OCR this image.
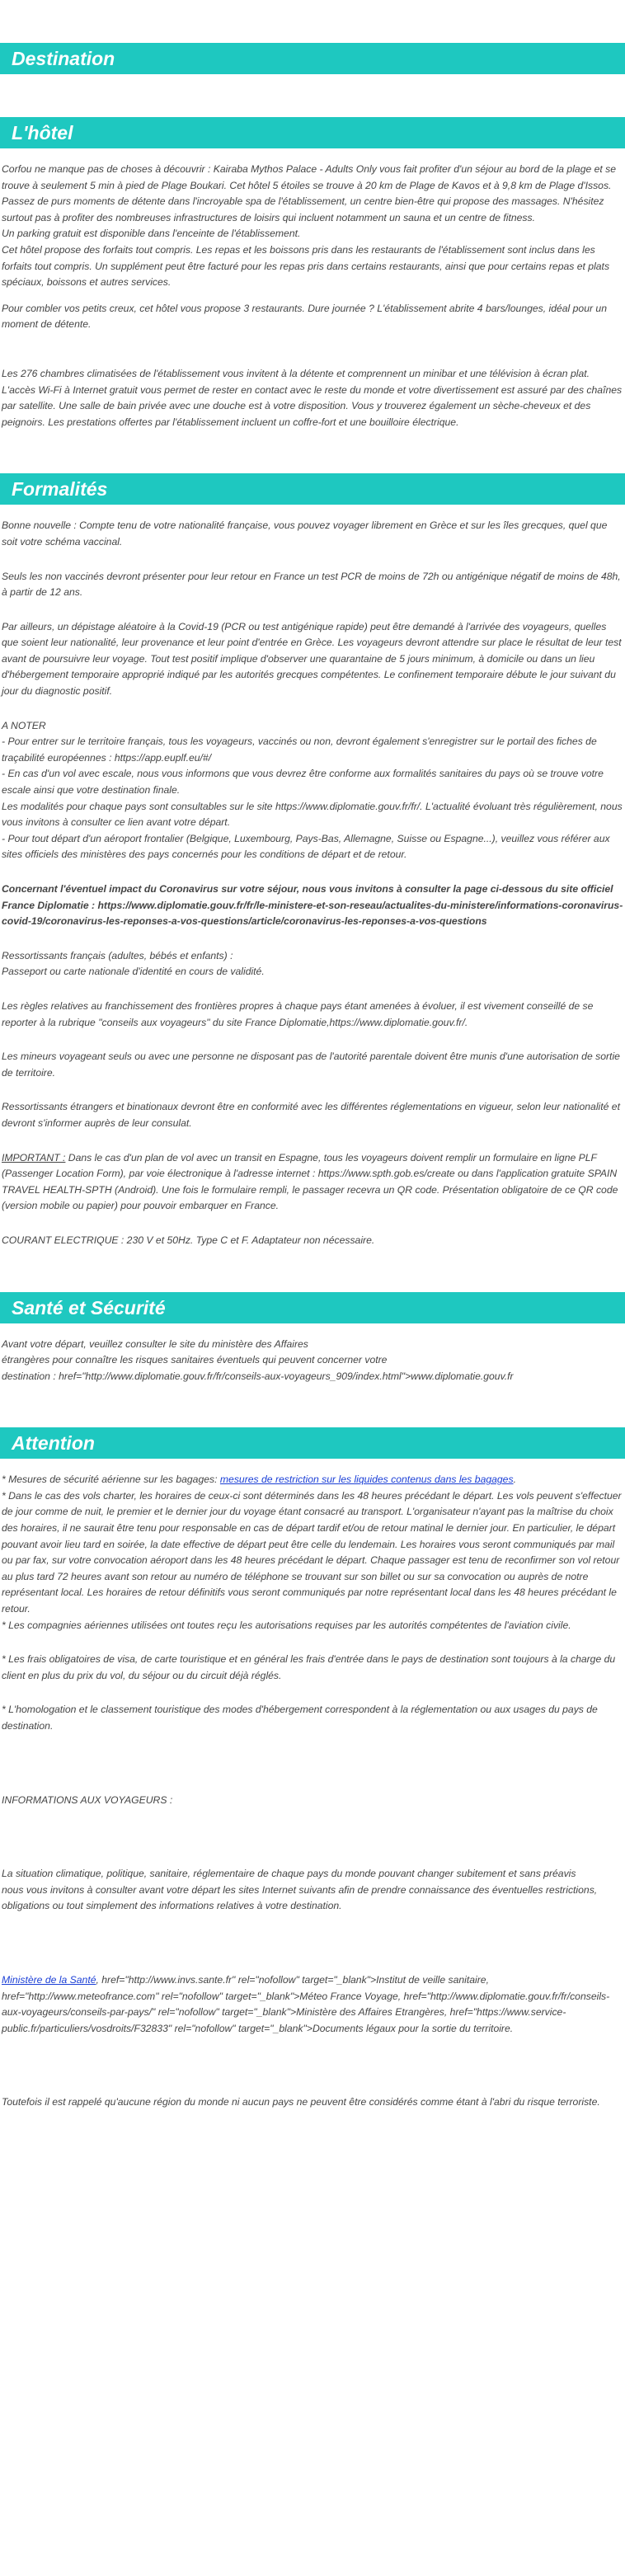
Destination
L'hôtel

Corfou ne manque pas de choses à découvrir : Kairaba Mythos Palace - Adults Only vous fait profiter d'un séjour au bord de la plage et se trouve à seulement 5 min à pied de Plage Boukari. Cet hôtel 5 étoiles se trouve à 20 km de Plage de Kavos et à 9,8 km de Plage d'Issos.

Passez de purs moments de détente dans l'incroyable spa de l'établissement, un centre bien-être qui propose des massages. N'hésitez surtout pas à profiter des nombreuses infrastructures de loisirs qui incluent notamment un sauna et un centre de fitness.

Un parking gratuit est disponible dans l'enceinte de l'établissement.

Cet hôtel propose des forfaits tout compris. Les repas et les boissons pris dans les restaurants de l'établissement sont inclus dans les forfaits tout compris. Un supplément peut être facturé pour les repas pris dans certains restaurants, ainsi que pour certains repas et plats spéciaux, boissons et autres services.

Pour combler vos petits creux, cet hôtel vous propose 3 restaurants. Dure journée ? L'établissement abrite 4 bars/lounges, idéal pour un moment de détente.

Les 276 chambres climatisées de l'établissement vous invitent à la détente et comprennent un minibar et une télévision à écran plat. L'accès Wi-Fi à Internet gratuit vous permet de rester en contact avec le reste du monde et votre divertissement est assuré par des chaînes par satellite. Une salle de bain privée avec une douche est à votre disposition. Vous y trouverez également un sèche-cheveux et des peignoirs. Les prestations offertes par l'établissement incluent un coffre-fort et une bouilloire électrique.

Formalités

Bonne nouvelle : Compte tenu de votre nationalité française, vous pouvez voyager librement en Grèce et sur les îles grecques, quel que soit votre schéma vaccinal.

Seuls les non vaccinés devront présenter pour leur retour en France un test PCR de moins de 72h ou antigénique négatif de moins de 48h, à partir de 12 ans.

Par ailleurs, un dépistage aléatoire à la Covid-19 (PCR ou test antigénique rapide) peut être demandé à l'arrivée des voyageurs, quelles que soient leur nationalité, leur provenance et leur point d'entrée en Grèce. Les voyageurs devront attendre sur place le résultat de leur test avant de poursuivre leur voyage. Tout test positif implique d'observer une quarantaine de 5 jours minimum, à domicile ou dans un lieu d'hébergement temporaire approprié indiqué par les autorités grecques compétentes. Le confinement temporaire débute le jour suivant du jour du diagnostic positif.

A NOTER

- Pour entrer sur le territoire français, tous les voyageurs, vaccinés ou non, devront également s'enregistrer sur le portail des fiches de traçabilité européennes : https://app.euplf.eu/#/

- En cas d'un vol avec escale, nous vous informons que vous devrez être conforme aux formalités sanitaires du pays où se trouve votre escale ainsi que votre destination finale.

Les modalités pour chaque pays sont consultables sur le site https://www.diplomatie.gouv.fr/fr/. L'actualité évoluant très régulièrement, nous vous invitons à consulter ce lien avant votre départ.

- Pour tout départ d'un aéroport frontalier (Belgique, Luxembourg, Pays-Bas, Allemagne, Suisse ou Espagne...), veuillez vous référer aux sites officiels des ministères des pays concernés pour les conditions de départ et de retour.

Concernant l'éventuel impact du Coronavirus sur votre séjour, nous vous invitons à consulter la page ci-dessous du site officiel France Diplomatie : https://www.diplomatie.gouv.fr/fr/le-ministere-et-son-reseau/actualites-du-ministere/informations-coronavirus-covid-19/coronavirus-les-reponses-a-vos-questions/article/coronavirus-les-reponses-a-vos-questions

Ressortissants français (adultes, bébés et enfants) :

Passeport ou carte nationale d'identité en cours de validité.

Les règles relatives au franchissement des frontières propres à chaque pays étant amenées à évoluer, il est vivement conseillé de se reporter à la rubrique "conseils aux voyageurs" du site France Diplomatie,https://www.diplomatie.gouv.fr/.

Les mineurs voyageant seuls ou avec une personne ne disposant pas de l'autorité parentale doivent être munis d'une autorisation de sortie de territoire.

Ressortissants étrangers et binationaux devront être en conformité avec les différentes réglementations en vigueur, selon leur nationalité et devront s'informer auprès de leur consulat.

IMPORTANT : Dans le cas d'un plan de vol avec un transit en Espagne, tous les voyageurs doivent remplir un formulaire en ligne PLF (Passenger Location Form), par voie électronique à l'adresse internet : https://www.spth.gob.es/create ou dans l'application gratuite SPAIN TRAVEL HEALTH-SPTH (Android). Une fois le formulaire rempli, le passager recevra un QR code. Présentation obligatoire de ce QR code (version mobile ou papier) pour pouvoir embarquer en France.

COURANT ELECTRIQUE : 230 V et 50Hz. Type C et F. Adaptateur non nécessaire.

Santé et Sécurité

Avant votre départ, veuillez consulter le site du ministère des Affaires

étrangères pour connaître les risques sanitaires éventuels qui peuvent concerner votre

destination : href="http://www.diplomatie.gouv.fr/fr/conseils-aux-voyageurs_909/index.html">www.diplomatie.gouv.fr

Attention

* Mesures de sécurité aérienne sur les bagages: mesures de restriction sur les liquides contenus dans les bagages.

* Dans le cas des vols charter, les horaires de ceux-ci sont déterminés dans les 48 heures précédant le départ. Les vols peuvent s'effectuer de jour comme de nuit, le premier et le dernier jour du voyage étant consacré au transport. L'organisateur n'ayant pas la maîtrise du choix des horaires, il ne saurait être tenu pour responsable en cas de départ tardif et/ou de retour matinal le dernier jour. En particulier, le départ pouvant avoir lieu tard en soirée, la date effective de départ peut être celle du lendemain. Les horaires vous seront communiqués par mail ou par fax, sur votre convocation aéroport dans les 48 heures précédant le départ. Chaque passager est tenu de reconfirmer son vol retour au plus tard 72 heures avant son retour au numéro de téléphone se trouvant sur son billet ou sur sa convocation ou auprès de notre représentant local. Les horaires de retour définitifs vous seront communiqués par notre représentant local dans les 48 heures précédant le retour.

* Les compagnies aériennes utilisées ont toutes reçu les autorisations requises par les autorités compétentes de l'aviation civile.

* Les frais obligatoires de visa, de carte touristique et en général les frais d'entrée dans le pays de destination sont toujours à la charge du client en plus du prix du vol, du séjour ou du circuit déjà réglés.

* L'homologation et le classement touristique des modes d'hébergement correspondent à la réglementation ou aux usages du pays de destination.

INFORMATIONS AUX VOYAGEURS :

La situation climatique, politique, sanitaire, réglementaire de chaque pays du monde pouvant changer subitement et sans préavis

nous vous invitons à consulter avant votre départ les sites Internet suivants afin de prendre connaissance des éventuelles restrictions, obligations ou tout simplement des informations relatives à votre destination.

Ministère de la Santé, href="http://www.invs.sante.fr" rel="nofollow" target="_blank">Institut de veille sanitaire, href="http://www.meteofrance.com" rel="nofollow" target="_blank">Méteo France Voyage, href="http://www.diplomatie.gouv.fr/fr/conseils-aux-voyageurs/conseils-par-pays/" rel="nofollow" target="_blank">Ministère des Affaires Etrangères, href="https://www.service-public.fr/particuliers/vosdroits/F32833" rel="nofollow" target="_blank">Documents légaux pour la sortie du territoire.

Toutefois il est rappelé qu'aucune région du monde ni aucun pays ne peuvent être considérés comme étant à l'abri du risque terroriste.
